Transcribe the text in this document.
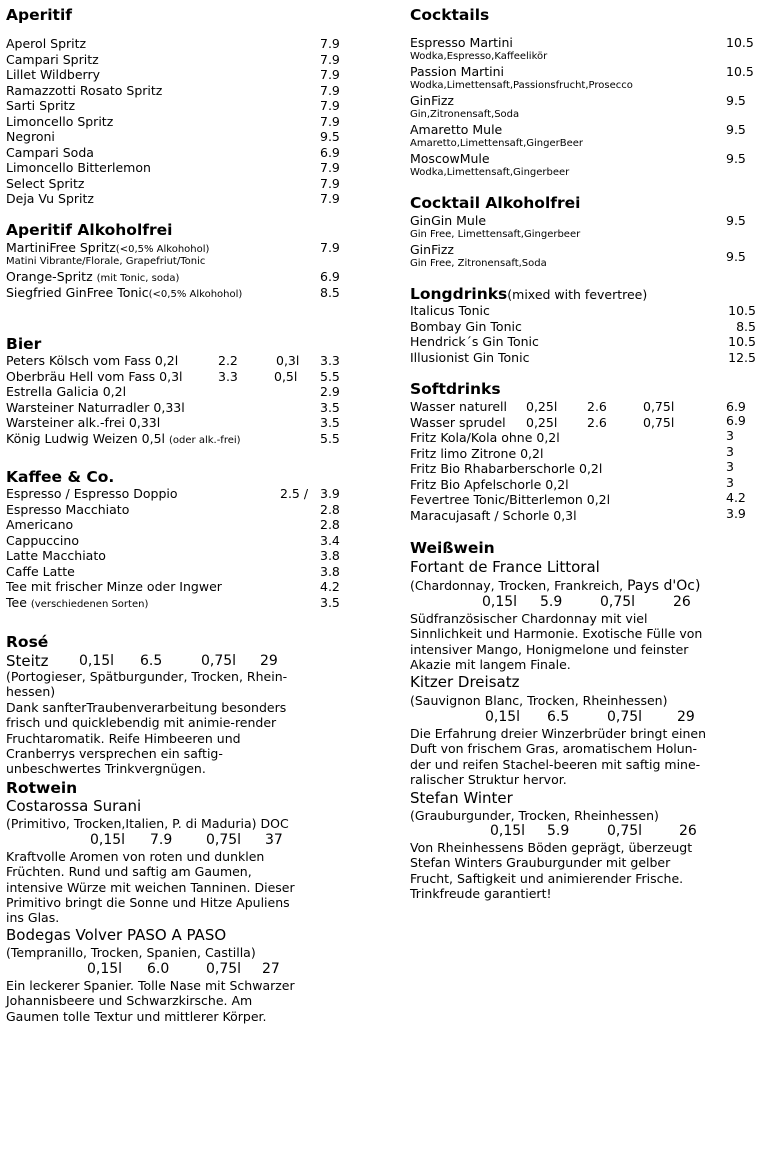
Aperitif
Aperol Spritz	7.9
Campari Spritz	7.9
Lillet Wildberry	7.9
Ramazzotti Rosato Spritz	7.9
Sarti Spritz	7.9
Limoncello Spritz	7.9
Negroni	9.5
Campari Soda	6.9
Limoncello Bitterlemon	7.9
Select Spritz	7.9
Deja Vu Spritz	7.9
Aperitif Alkoholfrei
MartiniFree Spritz(<0,5% Alkohohol)	7.9
Matini Vibrante/Florale, Grapefriut/Tonic
Orange-Spritz (mit Tonic, soda)	6.9
Siegfried GinFree Tonic(<0,5% Alkohohol)	8.5
Bier
Peters Kölsch vom Fass 0,2l	2.2	0,3l 3.3
Oberbräu Hell vom Fass 0,3l	3.3	0,5l 5.5
Estrella Galicia 0,2l	2.9
Warsteiner Naturradler 0,33l	3.5
Warsteiner alk.-frei 0,33l	3.5
König Ludwig Weizen 0,5l (oder alk.-frei)	5.5
Kaffee & Co.
Espresso / Espresso Doppio	2.5 / 3.9
Espresso Macchiato	2.8
Americano	2.8
Cappuccino	3.4
Latte Macchiato	3.8
Caffe Latte	3.8
Tee mit frischer Minze oder Ingwer	4.2
Tee (verschiedenen Sorten)	3.5
Rosé
Steitz 0,15l 6.5	0,75l 29
(Portogieser, Spätburgunder, Trocken, Rhein-
hessen)
Dank sanfterTraubenverarbeitung besonders
frisch und quicklebendig mit animie-render
Fruchtaromatik. Reife Himbeeren und
Cranberrys versprechen ein saftig-
unbeschwertes Trinkvergnügen.
Rotwein
Costarossa Surani
(Primitivo, Trocken,Italien, P. di Maduria) DOC
0,15l 7.9 0,75l 37
Kraftvolle Aromen von roten und dunklen
Früchten. Rund und saftig am Gaumen,
intensive Würze mit weichen Tanninen. Dieser
Primitivo bringt die Sonne und Hitze Apuliens
ins Glas.
Bodegas Volver PASO A PASO
(Tempranillo, Trocken, Spanien, Castilla)
0,15l 6.0	0,75l 27
Ein leckerer Spanier. Tolle Nase mit Schwarzer
Johannisbeere und Schwarzkirsche. Am
Gaumen tolle Textur und mittlerer Körper.
Cocktails
Espresso Martini	10.5
Wodka,Espresso,Kaffeelikör
Passion Martini	10.5
Wodka,Limettensaft,Passionsfrucht,Prosecco
GinFizz	9.5
Gin,Zitronensaft,Soda
Amaretto Mule	9.5
Amaretto,Limettensaft,GingerBeer
MoscowMule	9.5
Wodka,Limettensaft,Gingerbeer
Cocktail Alkoholfrei
GinGin Mule	9.5
Gin Free, Limettensaft,Gingerbeer
GinFizz	9.5
Gin Free, Zitronensaft,Soda
Longdrinks(mixed with fevertree)
Italicus Tonic	10.5
Bombay Gin Tonic	8.5
Hendrick´s Gin Tonic	10.5
Illusionist Gin Tonic	12.5
Softdrinks
Wasser naturell 0,25l 2.6	0,75l	6.9
Wasser sprudel 0,25l 2.6	0,75l	6.9
Fritz Kola/Kola ohne 0,2l	3
Fritz limo Zitrone 0,2l	3
Fritz Bio Rhabarberschorle 0,2l	3
Fritz Bio Apfelschorle 0,2l	3
Fevertree Tonic/Bitterlemon 0,2l	4.2
Maracujasaft / Schorle 0,3l	3.9
Weißwein
Fortant de France Littoral
(Chardonnay, Trocken, Frankreich, Pays d'Oc)
0,15l 5.9	0,75l	26
Südfranzösischer Chardonnay mit viel
Sinnlichkeit und Harmonie. Exotische Fülle von
intensiver Mango, Honigmelone und feinster
Akazie mit langem Finale.
Kitzer Dreisatz
(Sauvignon Blanc, Trocken, Rheinhessen)
0,15l 6.5	0,75l 29
Die Erfahrung dreier Winzerbrüder bringt einen
Duft von frischem Gras, aromatischem Holun-
der und reifen Stachel-beeren mit saftig mine-
ralischer Struktur hervor.
Stefan Winter
(Grauburgunder, Trocken, Rheinhessen)
0,15l 5.9	0,75l	26
Von Rheinhessens Böden geprägt, überzeugt
Stefan Winters Grauburgunder mit gelber
Frucht, Saftigkeit und animierender Frische.
Trinkfreude garantiert!
